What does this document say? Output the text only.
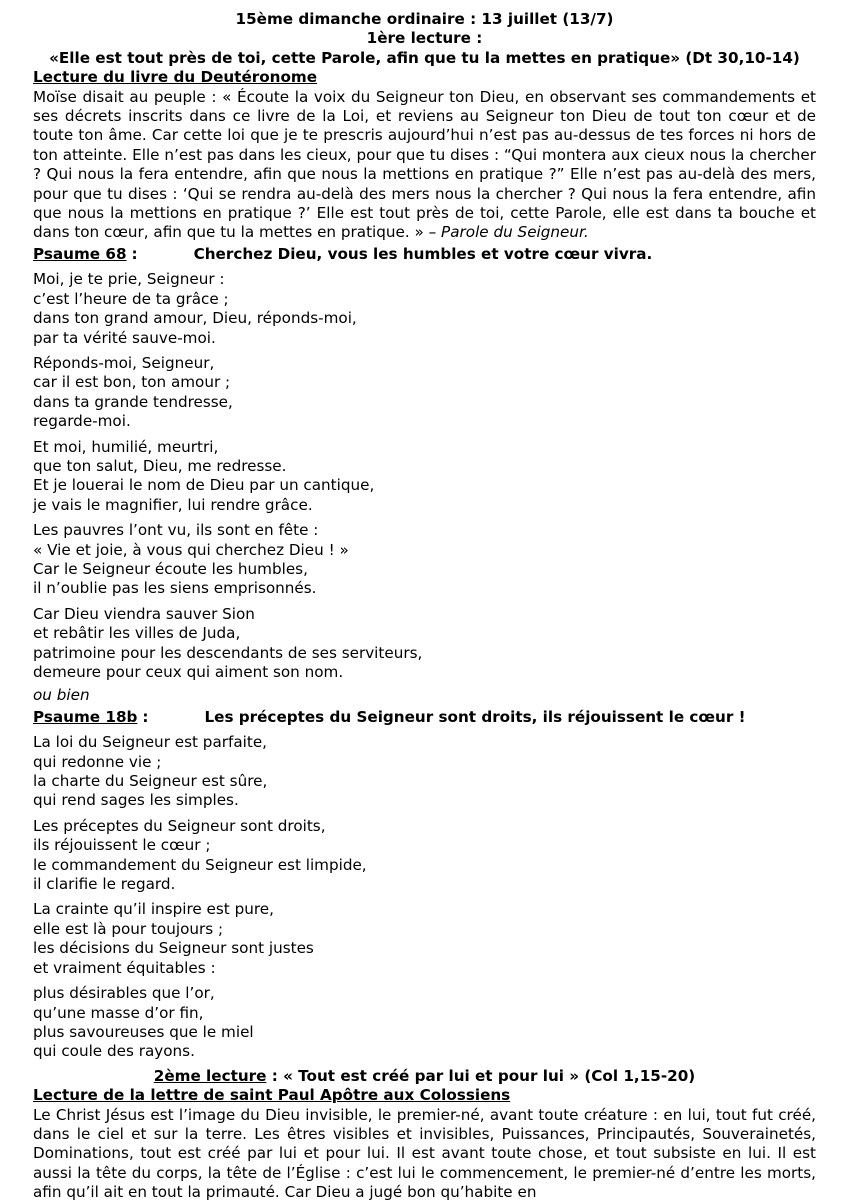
15ème dimanche ordinaire : 13 juillet (13/7)
1ère lecture :
«Elle est tout près de toi, cette Parole, afin que tu la mettes en pratique» (Dt 30,10-14)
Lecture du livre du Deutéronome

Moïse disait au peuple : « Écoute la voix du Seigneur ton Dieu, en observant ses commandements et ses décrets inscrits dans ce livre de la Loi, et reviens au Seigneur ton Dieu de tout ton cœur et de toute ton âme. Car cette loi que je te prescris aujourd’hui n’est pas au-dessus de tes forces ni hors de ton atteinte. Elle n’est pas dans les cieux, pour que tu dises : “Qui montera aux cieux nous la chercher ? Qui nous la fera entendre, afin que nous la mettions en pratique ?” Elle n’est pas au-delà des mers, pour que tu dises : ‘Qui se rendra au-delà des mers nous la chercher ? Qui nous la fera entendre, afin que nous la mettions en pratique ?’ Elle est tout près de toi, cette Parole, elle est dans ta bouche et dans ton cœur, afin que tu la mettes en pratique. » – Parole du Seigneur.

Psaume 68 :	Cherchez Dieu, vous les humbles et votre cœur vivra.
Moi, je te prie, Seigneur :
c’est l’heure de ta grâce ;
dans ton grand amour, Dieu, réponds-moi,
par ta vérité sauve-moi.
Réponds-moi, Seigneur,
car il est bon, ton amour ;
dans ta grande tendresse,
regarde-moi.
Et moi, humilié, meurtri,
que ton salut, Dieu, me redresse.
Et je louerai le nom de Dieu par un cantique,
je vais le magnifier, lui rendre grâce.
Les pauvres l’ont vu, ils sont en fête :
« Vie et joie, à vous qui cherchez Dieu ! »
Car le Seigneur écoute les humbles,
il n’oublie pas les siens emprisonnés.
Car Dieu viendra sauver Sion
et rebâtir les villes de Juda,
patrimoine pour les descendants de ses serviteurs,
demeure pour ceux qui aiment son nom.
ou bien
Psaume 18b :	Les préceptes du Seigneur sont droits, ils réjouissent le cœur !
La loi du Seigneur est parfaite,
qui redonne vie ;
la charte du Seigneur est sûre,
qui rend sages les simples.
Les préceptes du Seigneur sont droits,
ils réjouissent le cœur ;
le commandement du Seigneur est limpide,
il clarifie le regard.
La crainte qu’il inspire est pure,
elle est là pour toujours ;
les décisions du Seigneur sont justes
et vraiment équitables :
plus désirables que l’or,
qu’une masse d’or fin,
plus savoureuses que le miel
qui coule des rayons.
2ème lecture : « Tout est créé par lui et pour lui » (Col 1,15-20)
Lecture de la lettre de saint Paul Apôtre aux Colossiens

Le Christ Jésus est l’image du Dieu invisible, le premier-né, avant toute créature : en lui, tout fut créé, dans le ciel et sur la terre. Les êtres visibles et invisibles, Puissances, Principautés, Souverainetés, Dominations, tout est créé par lui et pour lui. Il est avant toute chose, et tout subsiste en lui. Il est aussi la tête du corps, la tête de l’Église : c’est lui le commencement, le premier-né d’entre les morts, afin qu’il ait en tout la primauté. Car Dieu a jugé bon qu’habite en
